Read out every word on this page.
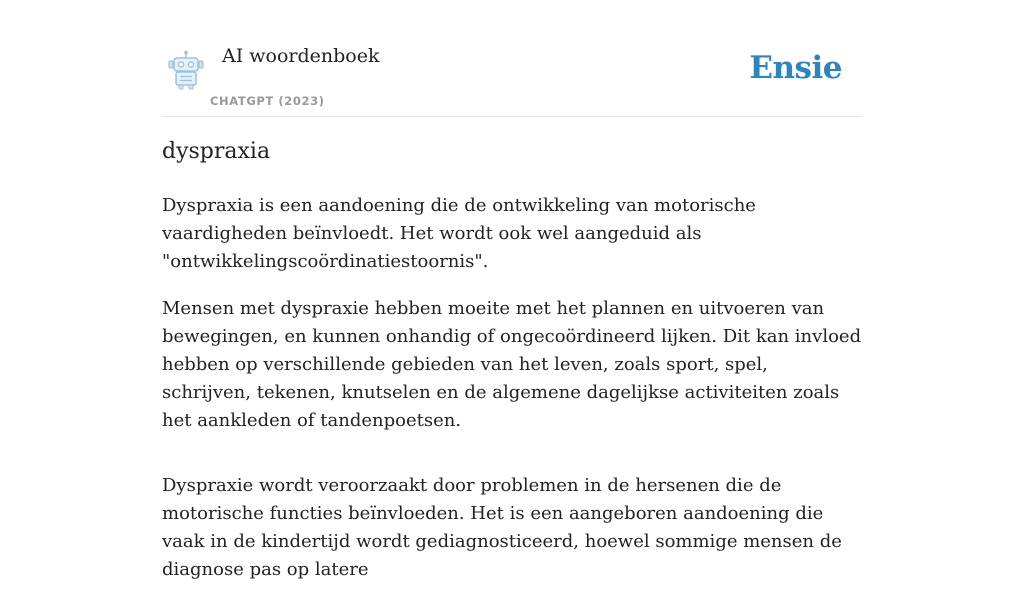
AI woordenboek
CHATGPT (2023)
Ensie
dyspraxia

Dyspraxia is een aandoening die de ontwikkeling van motorische vaardigheden beïnvloedt. Het wordt ook wel aangeduid als "ontwikkelingscoördinatiestoornis".

Mensen met dyspraxie hebben moeite met het plannen en uitvoeren van bewegingen, en kunnen onhandig of ongecoördineerd lijken. Dit kan invloed hebben op verschillende gebieden van het leven, zoals sport, spel, schrijven, tekenen, knutselen en de algemene dagelijkse activiteiten zoals het aankleden of tandenpoetsen.

Dyspraxie wordt veroorzaakt door problemen in de hersenen die de motorische functies beïnvloeden. Het is een aangeboren aandoening die vaak in de kindertijd wordt gediagnosticeerd, hoewel sommige mensen de diagnose pas op latere
